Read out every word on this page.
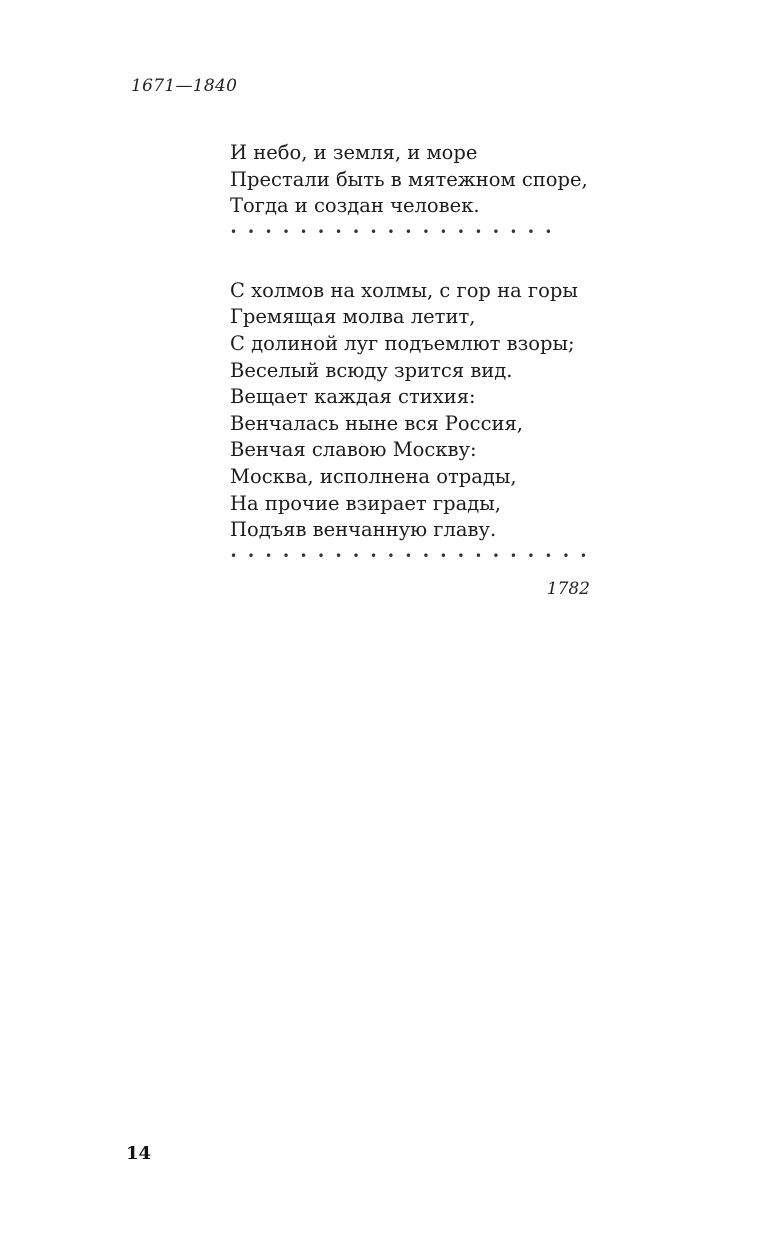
1671—1840
И небо, и земля, и море
Престали быть в мятежном споре,
Тогда и создан человек.
• • • • • • • • • • • • • • • • • • •
С холмов на холмы, с гор на горы
Гремящая молва летит,
С долиной луг подъемлют взоры;
Веселый всюду зрится вид.
Вещает каждая стихия:
Венчалась ныне вся Россия,
Венчая славою Москву:
Москва, исполнена отрады,
На прочие взирает грады,
Подъяв венчанную главу.
• • • • • • • • • • • • • • • • • • • • •
1782
14
